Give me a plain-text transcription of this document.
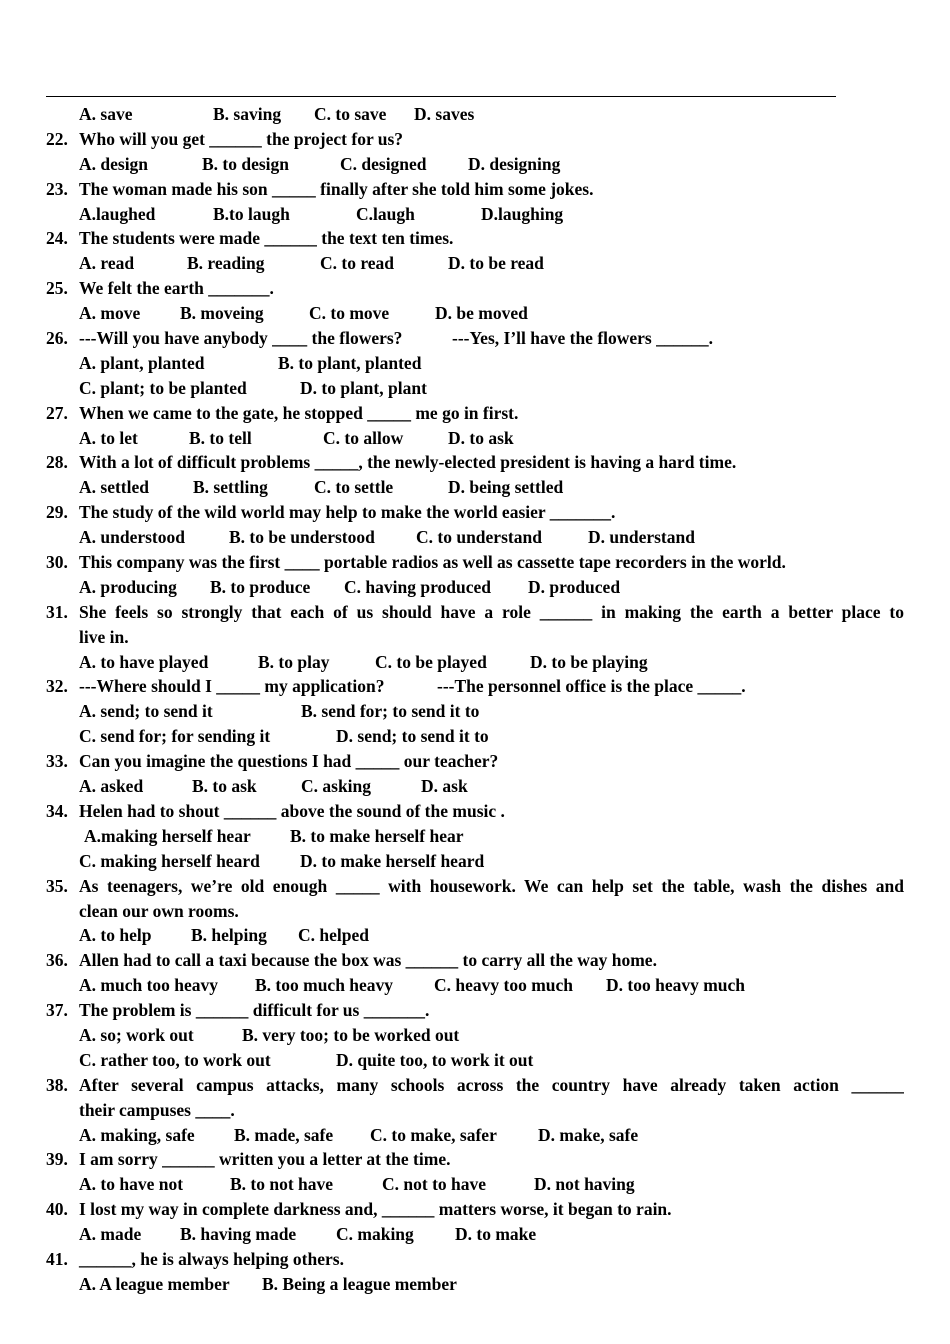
A. save	B. saving C. to save D. saves
22. Who will you get ______ the project for us?
A. design	B. to design	C. designed D. designing
23. The woman made his son _____ finally after she told him some jokes.
A.laughed	B.to laugh	C.laugh	D.laughing
24. The students were made ______ the text ten times.
A. read	B. reading	C. to read	D. to be read
25. We felt the earth _______.
A. move B. moveing	C. to move	D. be moved
26. ---Will you have anybody ____ the flowers?	---Yes, I’ll have the flowers ______.
A. plant, planted	B. to plant, planted
C. plant; to be planted	D. to plant, plant
27. When we came to the gate, he stopped _____ me go in first.
A. to let	B. to tell	C. to allow	D. to ask
28. With a lot of difficult problems _____, the newly-elected president is having a hard time.
A. settled	B. settling	C. to settle	D. being settled
29. The study of the wild world may help to make the world easier _______.
A. understood	B. to be understood C. to understand	D. understand
30. This company was the first ____ portable radios as well as cassette tape recorders in the world.
A. producing B. to produce C. having produced D. produced
31. She feels so strongly that each of us should have a role ______ in making the earth a better place to
live in.
A. to have played	B. to play	C. to be played D. to be playing
32. ---Where should I _____ my application?	---The personnel office is the place _____.
A. send; to send it	B. send for; to send it to
C. send for; for sending it	D. send; to send it to
33. Can you imagine the questions I had _____ our teacher?
A. asked	B. to ask	C. asking	D. ask
34. Helen had to shout ______ above the sound of the music .
A.making herself hear B. to make herself hear
C. making herself heard D. to make herself heard
35. As teenagers, we’re old enough _____ with housework. We can help set the table, wash the dishes and
clean our own rooms.
A. to help B. helping C. helped
36. Allen had to call a taxi because the box was ______ to carry all the way home.
A. much too heavy B. too much heavy C. heavy too much D. too heavy much
37. The problem is ______ difficult for us _______.
A. so; work out	B. very too; to be worked out
C. rather too, to work out	D. quite too, to work it out
38. After several campus attacks, many schools across the country have already taken action ______
their campuses ____.
A. making, safe B. made, safe C. to make, safer D. make, safe
39. I am sorry ______ written you a letter at the time.
A. to have not	B. to not have	C. not to have	D. not having
40. I lost my way in complete darkness and, ______ matters worse, it began to rain.
A. made B. having made C. making D. to make
41. ______, he is always helping others.
A. A league member B. Being a league member
